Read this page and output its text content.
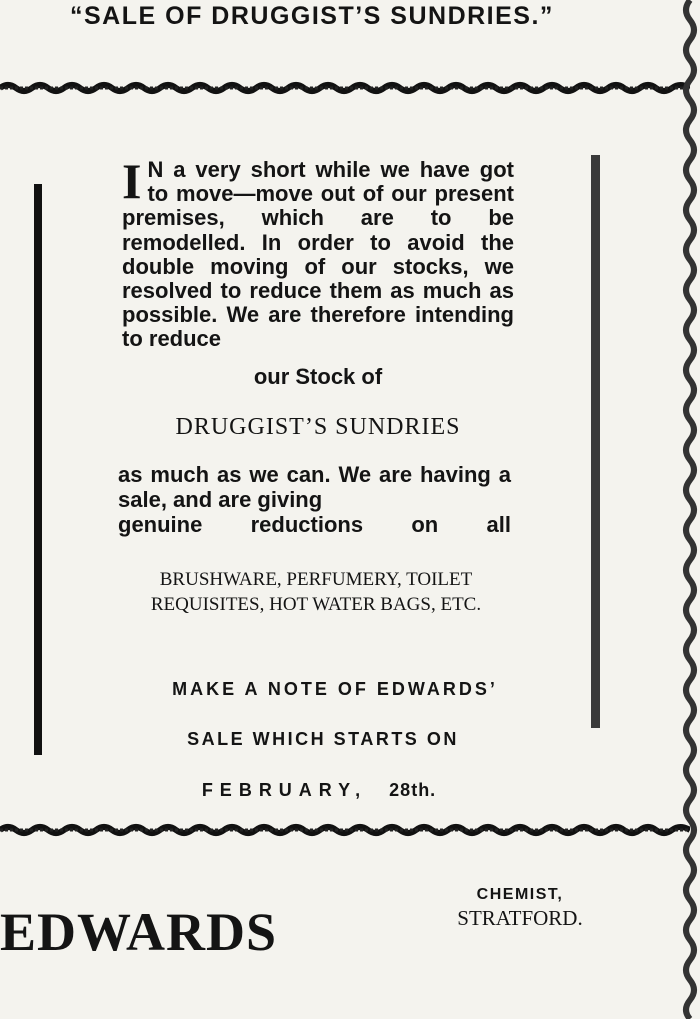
“SALE OF DRUGGIST’S SUNDRIES.”
I N a very short while we have got to move—move out of our present premises, which are to be remodelled. In order to avoid the double moving of our stocks, we resolved to reduce them as much as possible. We are therefore intending to reduce
our Stock of
DRUGGIST’S SUNDRIES
as much as we can. We are having a sale, and are giving
genuine reductions on all
BRUSHWARE, PERFUMERY, TOILET REQUISITES, HOT WATER BAGS, ETC.
MAKE A NOTE OF EDWARDS’
SALE WHICH STARTS ON
FEBRUARY, 28th.
EDWARDS
CHEMIST,
STRATFORD.
